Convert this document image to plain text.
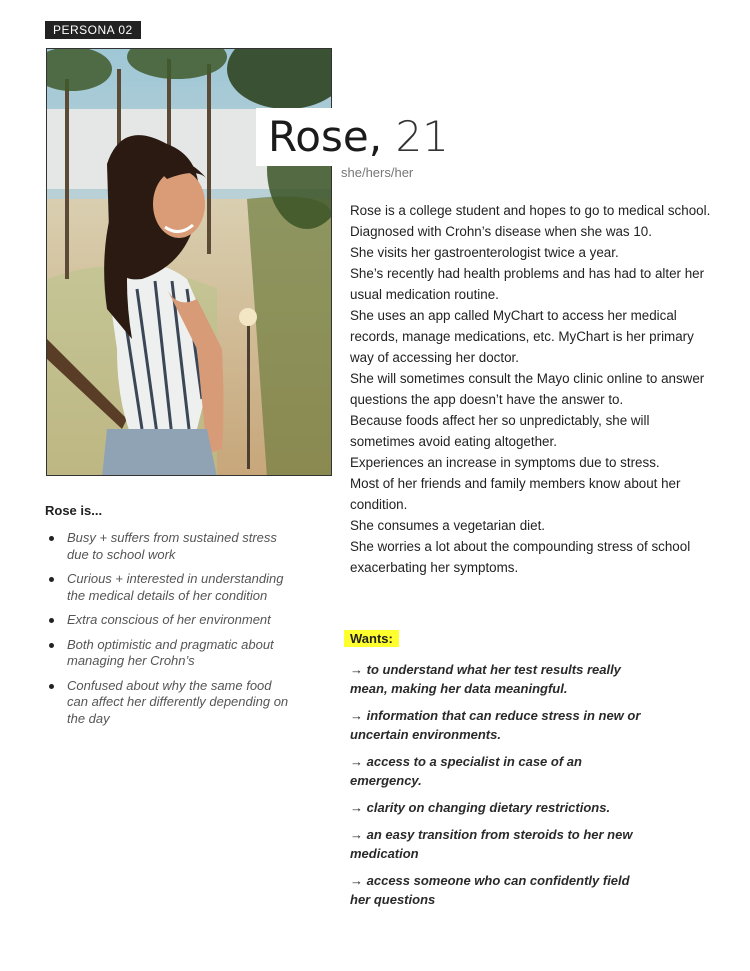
PERSONA 02
Rose, 21
she/hers/her
Rose is a college student and hopes to go to medical school.
Diagnosed with Crohn’s disease when she was 10.
She visits her gastroenterologist twice a year.
She’s recently had health problems and has had to alter her usual medication routine.
She uses an app called MyChart to access her medical records, manage medications, etc. MyChart is her primary way of accessing her doctor.
She will sometimes consult the Mayo clinic online to answer questions the app doesn’t have the answer to.
Because foods affect her so unpredictably, she will sometimes avoid eating altogether.
Experiences an increase in symptoms due to stress.
Most of her friends and family members know about her condition.
She consumes a vegetarian diet.
She worries a lot about the compounding stress of school exacerbating her symptoms.
Rose is...
Busy + suffers from sustained stress due to school work
Curious + interested in understanding the medical details of her condition
Extra conscious of her environment
Both optimistic and pragmatic about managing her Crohn’s
Confused about why the same food can affect her differently depending on the day
Wants:
→ to understand what her test results really mean, making her data meaningful.
→ information that can reduce stress in new or uncertain environments.
→ access to a specialist in case of an emergency.
→ clarity on changing dietary restrictions.
→ an easy transition from steroids to her new medication
→ access someone who can confidently field her questions
